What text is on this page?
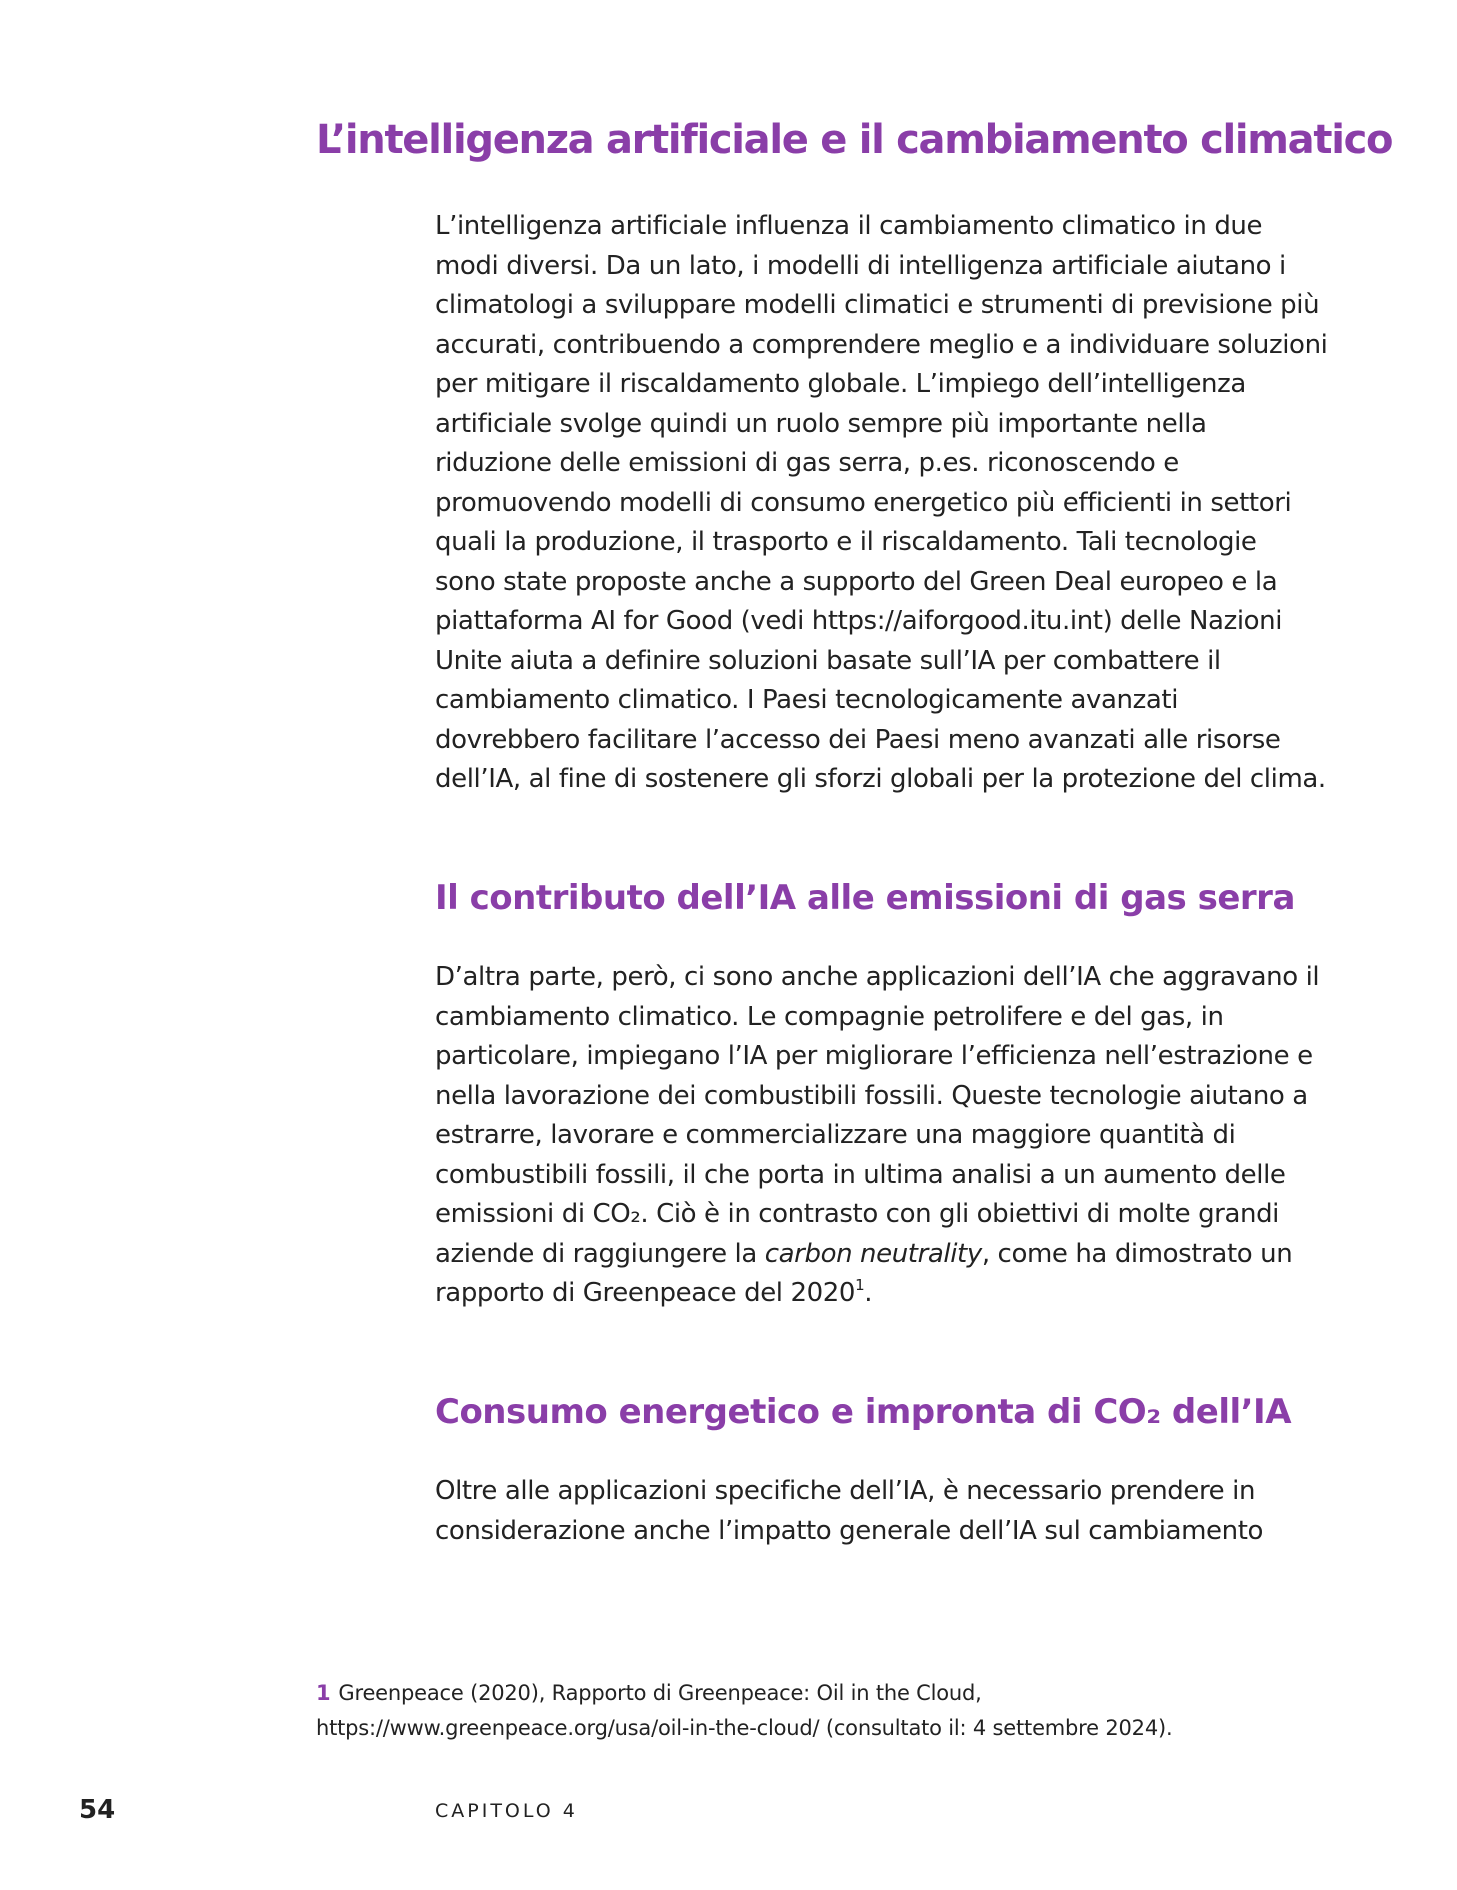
L’intelligenza artificiale e il cambiamento climatico

L’intelligenza artificiale influenza il cambiamento climatico in due
modi diversi. Da un lato, i modelli di intelligenza artificiale aiutano i
climatologi a sviluppare modelli climatici e strumenti di previsione più
accurati, contribuendo a comprendere meglio e a individuare soluzioni
per mitigare il riscaldamento globale. L’impiego dell’intelligenza
artificiale svolge quindi un ruolo sempre più importante nella
riduzione delle emissioni di gas serra, p.es. riconoscendo e
promuovendo modelli di consumo energetico più efficienti in settori
quali la produzione, il trasporto e il riscaldamento. Tali tecnologie
sono state proposte anche a supporto del Green Deal europeo e la
piattaforma AI for Good (vedi https://aiforgood.itu.int) delle Nazioni
Unite aiuta a definire soluzioni basate sull’IA per combattere il
cambiamento climatico. I Paesi tecnologicamente avanzati
dovrebbero facilitare l’accesso dei Paesi meno avanzati alle risorse
dell’IA, al fine di sostenere gli sforzi globali per la protezione del clima.

Il contributo dell’IA alle emissioni di gas serra

D’altra parte, però, ci sono anche applicazioni dell’IA che aggravano il
cambiamento climatico. Le compagnie petrolifere e del gas, in
particolare, impiegano l’IA per migliorare l’efficienza nell’estrazione e
nella lavorazione dei combustibili fossili. Queste tecnologie aiutano a
estrarre, lavorare e commercializzare una maggiore quantità di
combustibili fossili, il che porta in ultima analisi a un aumento delle
emissioni di CO₂. Ciò è in contrasto con gli obiettivi di molte grandi
aziende di raggiungere la carbon neutrality, come ha dimostrato un
rapporto di Greenpeace del 2020$^1$.

Consumo energetico e impronta di CO₂ dell’IA

Oltre alle applicazioni specifiche dell’IA, è necessario prendere in
considerazione anche l’impatto generale dell’IA sul cambiamento

1 Greenpeace (2020), Rapporto di Greenpeace: Oil in the Cloud,
https://www.greenpeace.org/usa/oil-in-the-cloud/ (consultato il: 4 settembre 2024).
54	CAPITOLO 4
